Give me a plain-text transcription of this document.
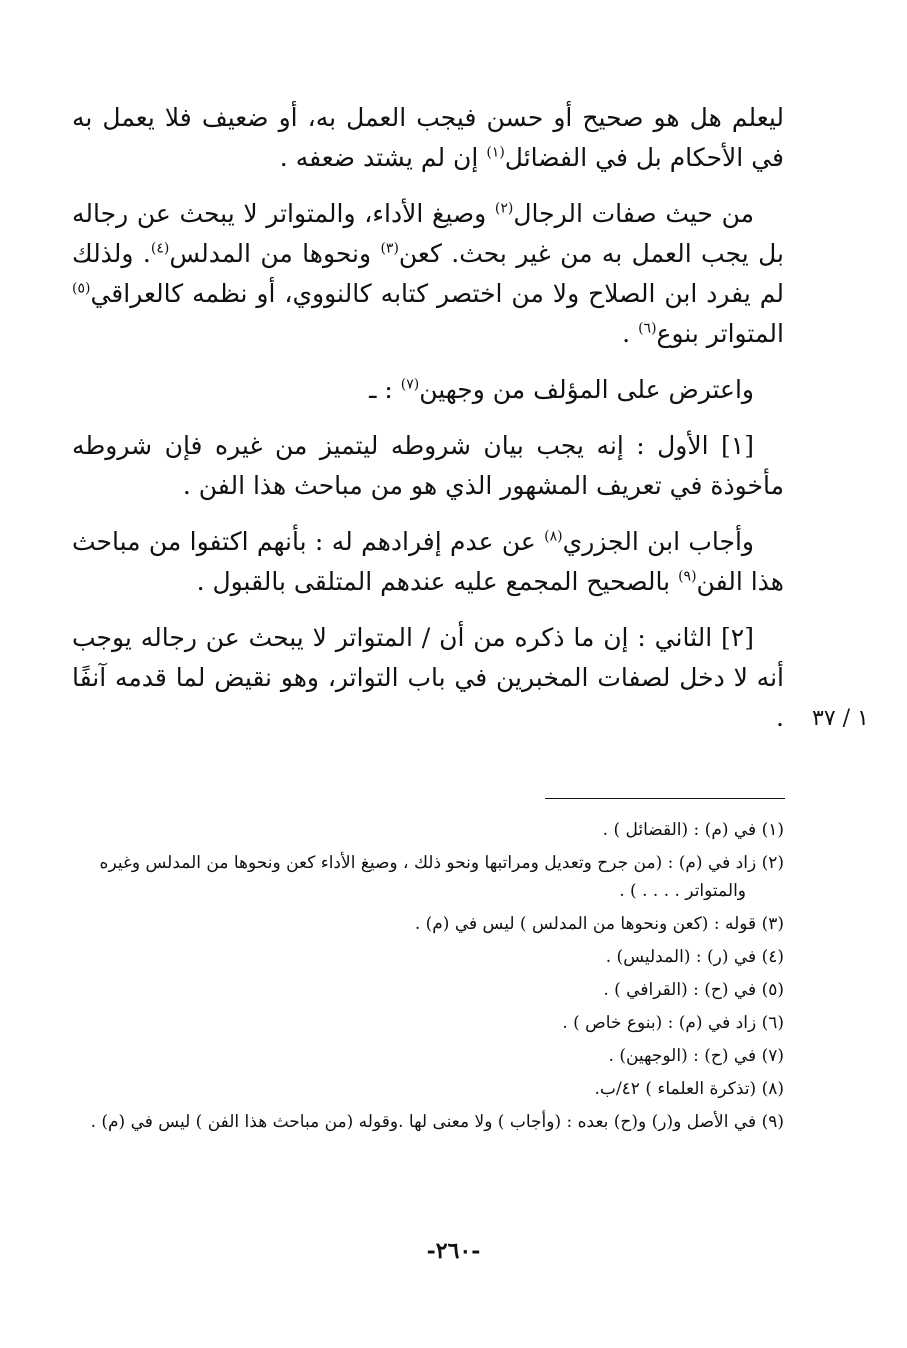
ليعلم هل هو صحيح أو حسن فيجب العمل به، أو ضعيف فلا يعمل به في الأحكام بل في الفضائل$^{(١)}$ إن لم يشتد ضعفه .

من حيث صفات الرجال$^{(٢)}$ وصيغ الأداء، والمتواتر لا يبحث عن رجاله بل يجب العمل به من غير بحث. كعن$^{(٣)}$ ونحوها من المدلس$^{(٤)}$. ولذلك لم يفرد ابن الصلاح ولا من اختصر كتابه كالنووي، أو نظمه كالعراقي$^{(٥)}$ المتواتر بنوع$^{(٦)}$ .

واعترض على المؤلف من وجهين$^{(٧)}$ : ـ

[١] الأول : إنه يجب بيان شروطه ليتميز من غيره فإن شروطه مأخوذة في تعريف المشهور الذي هو من مباحث هذا الفن .

وأجاب ابن الجزري$^{(٨)}$ عن عدم إفرادهم له : بأنهم اكتفوا من مباحث هذا الفن$^{(٩)}$ بالصحيح المجمع عليه عندهم المتلقى بالقبول .

[٢] الثاني : إن ما ذكره من أن / المتواتر لا يبحث عن رجاله يوجب أنه لا دخل لصفات المخبرين في باب التواتر، وهو نقيض لما قدمه آنفًا . ١ / ٣٧

(١) في (م) : (القضائل ) .

(٢) زاد في (م) : (من جرح وتعديل ومراتبها ونحو ذلك ، وصيغ الأداء كعن ونحوها من المدلس وغيره والمتواتر . . . . ) .

(٣) قوله : (كعن ونحوها من المدلس ) ليس في (م) .

(٤) في (ر) : (المدليس) .

(٥) في (ح) : (القرافي ) .

(٦) زاد في (م) : (بنوع خاص ) .

(٧) في (ح) : (الوجهين) .

(٨) (تذكرة العلماء ) ٤٢/ب.

(٩) في الأصل و(ر) و(ح) بعده : (وأجاب ) ولا معنى لها .وقوله (من مباحث هذا الفن ) ليس في (م) .

-٢٦٠-
